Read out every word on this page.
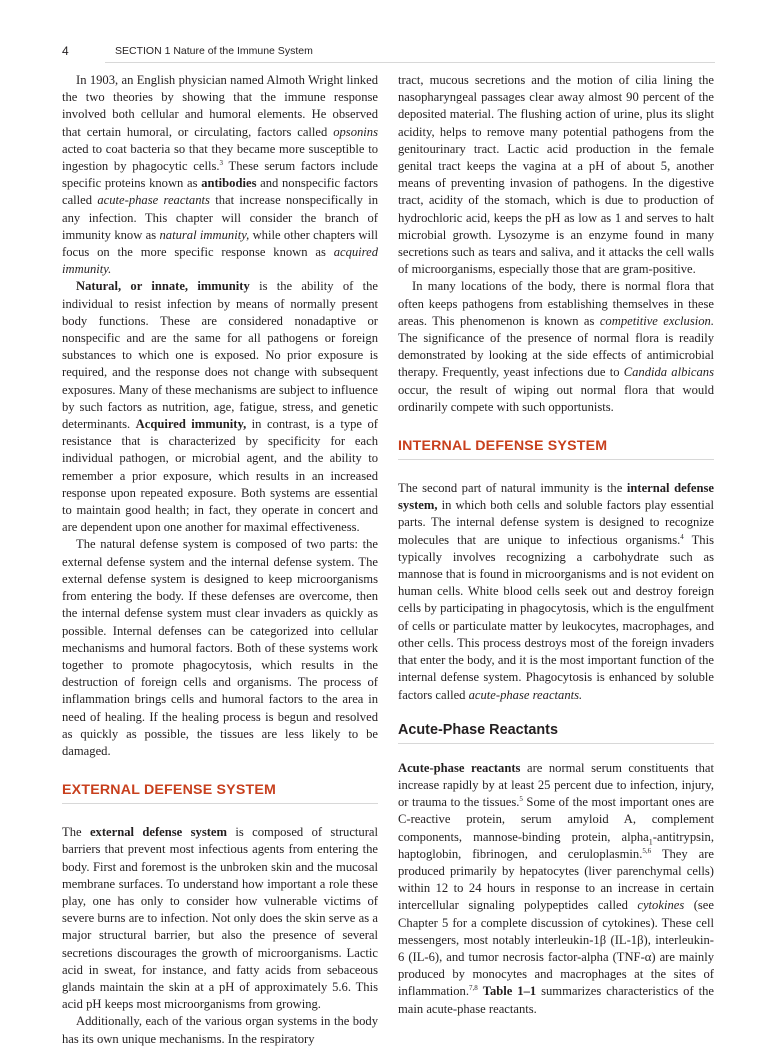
4	SECTION 1 Nature of the Immune System

In 1903, an English physician named Almoth Wright linked the two theories by showing that the immune response involved both cellular and humoral elements. He observed that certain humoral, or circulating, factors called opsonins acted to coat bacteria so that they became more susceptible to ingestion by phagocytic cells.$^3$ These serum factors include specific proteins known as antibodies and nonspecific factors called acute-phase reactants that increase nonspecifically in any infection. This chapter will consider the branch of immunity know as natural immunity, while other chapters will focus on the more specific response known as acquired immunity.

Natural, or innate, immunity is the ability of the individual to resist infection by means of normally present body functions. These are considered nonadaptive or nonspecific and are the same for all pathogens or foreign substances to which one is exposed. No prior exposure is required, and the response does not change with subsequent exposures. Many of these mechanisms are subject to influence by such factors as nutrition, age, fatigue, stress, and genetic determinants. Acquired immunity, in contrast, is a type of resistance that is characterized by specificity for each individual pathogen, or microbial agent, and the ability to remember a prior exposure, which results in an increased response upon repeated exposure. Both systems are essential to maintain good health; in fact, they operate in concert and are dependent upon one another for maximal effectiveness.

The natural defense system is composed of two parts: the external defense system and the internal defense system. The external defense system is designed to keep microorganisms from entering the body. If these defenses are overcome, then the internal defense system must clear invaders as quickly as possible. Internal defenses can be categorized into cellular mechanisms and humoral factors. Both of these systems work together to promote phagocytosis, which results in the destruction of foreign cells and organisms. The process of inflammation brings cells and humoral factors to the area in need of healing. If the healing process is begun and resolved as quickly as possible, the tissues are less likely to be damaged.

EXTERNAL DEFENSE SYSTEM

The external defense system is composed of structural barriers that prevent most infectious agents from entering the body. First and foremost is the unbroken skin and the mucosal membrane surfaces. To understand how important a role these play, one has only to consider how vulnerable victims of severe burns are to infection. Not only does the skin serve as a major structural barrier, but also the presence of several secretions discourages the growth of microorganisms. Lactic acid in sweat, for instance, and fatty acids from sebaceous glands maintain the skin at a pH of approximately 5.6. This acid pH keeps most microorganisms from growing.

Additionally, each of the various organ systems in the body has its own unique mechanisms. In the respiratory

tract, mucous secretions and the motion of cilia lining the nasopharyngeal passages clear away almost 90 percent of the deposited material. The flushing action of urine, plus its slight acidity, helps to remove many potential pathogens from the genitourinary tract. Lactic acid production in the female genital tract keeps the vagina at a pH of about 5, another means of preventing invasion of pathogens. In the digestive tract, acidity of the stomach, which is due to production of hydrochloric acid, keeps the pH as low as 1 and serves to halt microbial growth. Lysozyme is an enzyme found in many secretions such as tears and saliva, and it attacks the cell walls of microorganisms, especially those that are gram-positive.

In many locations of the body, there is normal flora that often keeps pathogens from establishing themselves in these areas. This phenomenon is known as competitive exclusion. The significance of the presence of normal flora is readily demonstrated by looking at the side effects of antimicrobial therapy. Frequently, yeast infections due to Candida albicans occur, the result of wiping out normal flora that would ordinarily compete with such opportunists.

INTERNAL DEFENSE SYSTEM

The second part of natural immunity is the internal defense system, in which both cells and soluble factors play essential parts. The internal defense system is designed to recognize molecules that are unique to infectious organisms.$^4$ This typically involves recognizing a carbohydrate such as mannose that is found in microorganisms and is not evident on human cells. White blood cells seek out and destroy foreign cells by participating in phagocytosis, which is the engulfment of cells or particulate matter by leukocytes, macrophages, and other cells. This process destroys most of the foreign invaders that enter the body, and it is the most important function of the internal defense system. Phagocytosis is enhanced by soluble factors called acute-phase reactants.

Acute-Phase Reactants

Acute-phase reactants are normal serum constituents that increase rapidly by at least 25 percent due to infection, injury, or trauma to the tissues.$^5$ Some of the most important ones are C-reactive protein, serum amyloid A, complement components, mannose-binding protein, alpha$_1$-antitrypsin, haptoglobin, fibrinogen, and ceruloplasmin.$^{5,6}$ They are produced primarily by hepatocytes (liver parenchymal cells) within 12 to 24 hours in response to an increase in certain intercellular signaling polypeptides called cytokines (see Chapter 5 for a complete discussion of cytokines). These cell messengers, most notably interleukin-1β (IL-1β), interleukin-6 (IL-6), and tumor necrosis factor-alpha (TNF-α) are mainly produced by monocytes and macrophages at the sites of inflammation.$^{7,8}$ Table 1–1 summarizes characteristics of the main acute-phase reactants.
